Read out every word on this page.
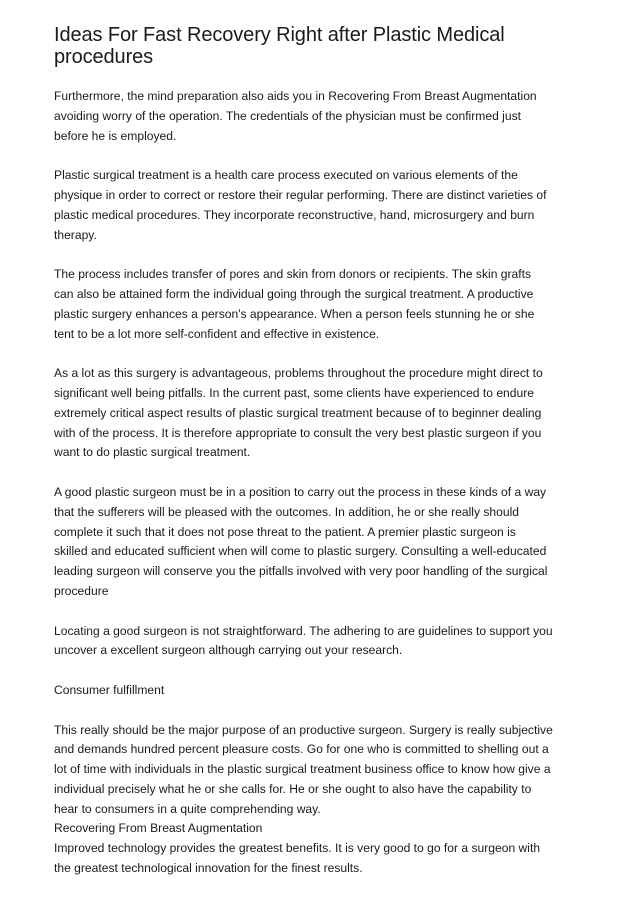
Ideas For Fast Recovery Right after Plastic Medical
procedures

Furthermore, the mind preparation also aids you in Recovering From Breast Augmentation
avoiding worry of the operation. The credentials of the physician must be confirmed just
before he is employed.

Plastic surgical treatment is a health care process executed on various elements of the
physique in order to correct or restore their regular performing. There are distinct varieties of
plastic medical procedures. They incorporate reconstructive, hand, microsurgery and burn
therapy.

The process includes transfer of pores and skin from donors or recipients. The skin grafts
can also be attained form the individual going through the surgical treatment. A productive
plastic surgery enhances a person's appearance. When a person feels stunning he or she
tent to be a lot more self-confident and effective in existence.

As a lot as this surgery is advantageous, problems throughout the procedure might direct to
significant well being pitfalls. In the current past, some clients have experienced to endure
extremely critical aspect results of plastic surgical treatment because of to beginner dealing
with of the process. It is therefore appropriate to consult the very best plastic surgeon if you
want to do plastic surgical treatment.

A good plastic surgeon must be in a position to carry out the process in these kinds of a way
that the sufferers will be pleased with the outcomes. In addition, he or she really should
complete it such that it does not pose threat to the patient. A premier plastic surgeon is
skilled and educated sufficient when will come to plastic surgery. Consulting a well-educated
leading surgeon will conserve you the pitfalls involved with very poor handling of the surgical
procedure

Locating a good surgeon is not straightforward. The adhering to are guidelines to support you
uncover a excellent surgeon although carrying out your research.

Consumer fulfillment

This really should be the major purpose of an productive surgeon. Surgery is really subjective
and demands hundred percent pleasure costs. Go for one who is committed to shelling out a
lot of time with individuals in the plastic surgical treatment business office to know how give a
individual precisely what he or she calls for. He or she ought to also have the capability to
hear to consumers in a quite comprehending way.

Recovering From Breast Augmentation

Improved technology provides the greatest benefits. It is very good to go for a surgeon with
the greatest technological innovation for the finest results.
